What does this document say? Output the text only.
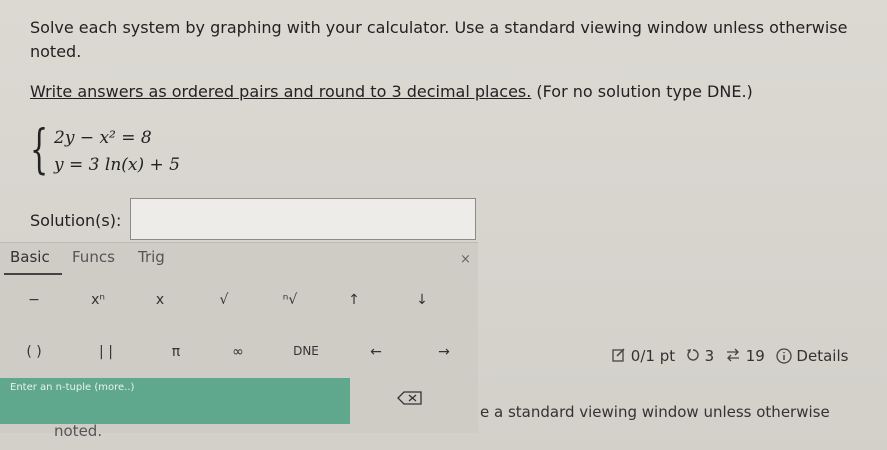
Solve each system by graphing with your calculator. Use a standard viewing window unless otherwise
noted.
Write answers as ordered pairs and round to 3 decimal places. (For no solution type DNE.)
{ 2y − x² = 8
y = 3 ln(x) + 5
Solution(s):
Basic Funcs Trig	×
−	xⁿ	x	√	ⁿ√	↑	↓
( )	| |	π	∞	DNE	←	→
Enter an n-tuple (more..)
0/1 pt 3 19 Details
e a standard viewing window unless otherwise
noted.
